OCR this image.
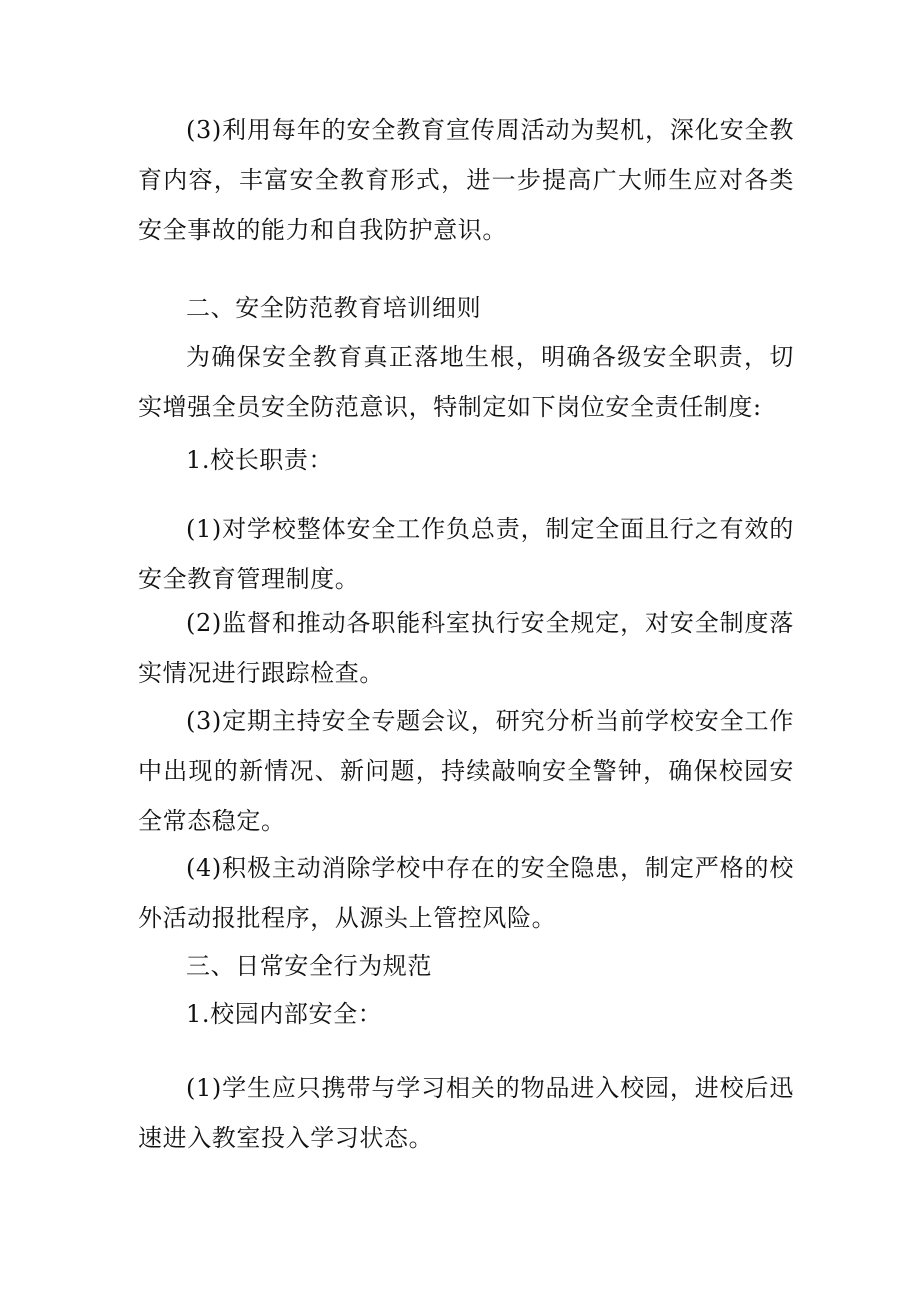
(3)利用每年的安全教育宣传周活动为契机，深化安全教育内容，丰富安全教育形式，进一步提高广大师生应对各类安全事故的能力和自我防护意识。

二、安全防范教育培训细则

为确保安全教育真正落地生根，明确各级安全职责，切实增强全员安全防范意识，特制定如下岗位安全责任制度:

1.校长职责：

(1)对学校整体安全工作负总责，制定全面且行之有效的安全教育管理制度。

(2)监督和推动各职能科室执行安全规定，对安全制度落实情况进行跟踪检查。

(3)定期主持安全专题会议，研究分析当前学校安全工作中出现的新情况、新问题，持续敲响安全警钟，确保校园安全常态稳定。

(4)积极主动消除学校中存在的安全隐患，制定严格的校外活动报批程序，从源头上管控风险。

三、日常安全行为规范

1.校园内部安全：

(1)学生应只携带与学习相关的物品进入校园，进校后迅速进入教室投入学习状态。
